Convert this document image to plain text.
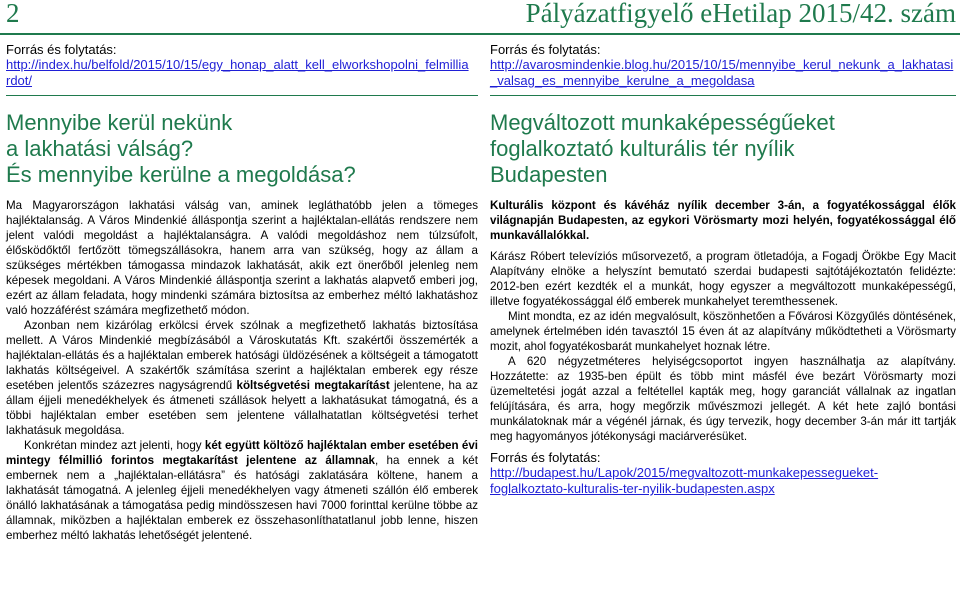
2	Pályázatfigyelő eHetilap 2015/42. szám

Forrás és folytatás:

http://index.hu/belfold/2015/10/15/egy_honap_alatt_kell_elworkshopolni_felmillia
rdot/
Mennyibe kerül nekünk
a lakhatási válság?
És mennyibe kerülne a megoldása?

Ma Magyarországon lakhatási válság van, aminek legláthatóbb jelen a tömeges hajléktalanság. A Város Mindenkié álláspontja szerint a hajléktalan-ellátás rendszere nem jelent valódi megoldást a hajléktalanságra. A valódi megoldáshoz nem túlzsúfolt, élősködőktől fertőzött tömegszállásokra, hanem arra van szükség, hogy az állam a szükséges mértékben támogassa mindazok lakhatását, akik ezt önerőből jelenleg nem képesek megoldani. A Város Mindenkié álláspontja szerint a lakhatás alapvető emberi jog, ezért az állam feladata, hogy mindenki számára biztosítsa az emberhez méltó lakhatáshoz való hozzáférést számára megfizethető módon.

Azonban nem kizárólag erkölcsi érvek szólnak a megfizethető lakhatás biztosítása mellett. A Város Mindenkié megbízásából a Városkutatás Kft. szakértői összemérték a hajléktalan-ellátás és a hajléktalan emberek hatósági üldözésének a költségeit a támogatott lakhatás költségeivel. A szakértők számítása szerint a hajléktalan emberek egy része esetében jelentős százezres nagyságrendű költségvetési megtakarítást jelentene, ha az állam éjjeli menedékhelyek és átmeneti szállások helyett a lakhatásukat támogatná, és a többi hajléktalan ember esetében sem jelentene vállalhatatlan költségvetési terhet lakhatásuk megoldása.

Konkrétan mindez azt jelenti, hogy két együtt költöző hajléktalan ember esetében évi mintegy félmillió forintos megtakarítást jelentene az államnak, ha ennek a két embernek nem a „hajléktalan-ellátásra” és hatósági zaklatására költene, hanem a lakhatását támogatná. A jelenleg éjjeli menedékhelyen vagy átmeneti szállón élő emberek önálló lakhatásának a támogatása pedig mindösszesen havi 7000 forinttal kerülne többe az államnak, miközben a hajléktalan emberek ez összehasonlíthatatlanul jobb lenne, hiszen emberhez méltó lakhatás lehetőségét jelentené.

Forrás és folytatás:

http://avarosmindenkie.blog.hu/2015/10/15/mennyibe_kerul_nekunk_a_lakhatasi
_valsag_es_mennyibe_kerulne_a_megoldasa
Megváltozott munkaképességűeket
foglalkoztató kulturális tér nyílik
Budapesten

Kulturális központ és kávéház nyílik december 3-án, a fogyatékossággal élők világnapján Budapesten, az egykori Vörösmarty mozi helyén, fogyatékossággal élő munkavállalókkal.

Kárász Róbert televíziós műsorvezető, a program ötletadója, a Fogadj Örökbe Egy Macit Alapítvány elnöke a helyszínt bemutató szerdai budapesti sajtótájékoztatón felidézte: 2012-ben ezért kezdték el a munkát, hogy egyszer a megváltozott munkaképességű, illetve fogyatékossággal élő emberek munkahelyet teremthessenek.

Mint mondta, ez az idén megvalósult, köszönhetően a Fővárosi Közgyűlés döntésének, amelynek értelmében idén tavasztól 15 éven át az alapítvány működtetheti a Vörösmarty mozit, ahol fogyatékosbarát munkahelyet hoznak létre.

A 620 négyzetméteres helyiségcsoportot ingyen használhatja az alapítvány. Hozzátette: az 1935-ben épült és több mint másfél éve bezárt Vörösmarty mozi üzemeltetési jogát azzal a feltétellel kapták meg, hogy garanciát vállalnak az ingatlan felújítására, és arra, hogy megőrzik művészmozi jellegét. A két hete zajló bontási munkálatoknak már a végénél járnak, és úgy tervezik, hogy december 3-án már itt tartják meg hagyományos jótékonysági maciárverésüket.

Forrás és folytatás:

http://budapest.hu/Lapok/2015/megvaltozott-munkakepessegueket-
foglalkoztato-kulturalis-ter-nyilik-budapesten.aspx
